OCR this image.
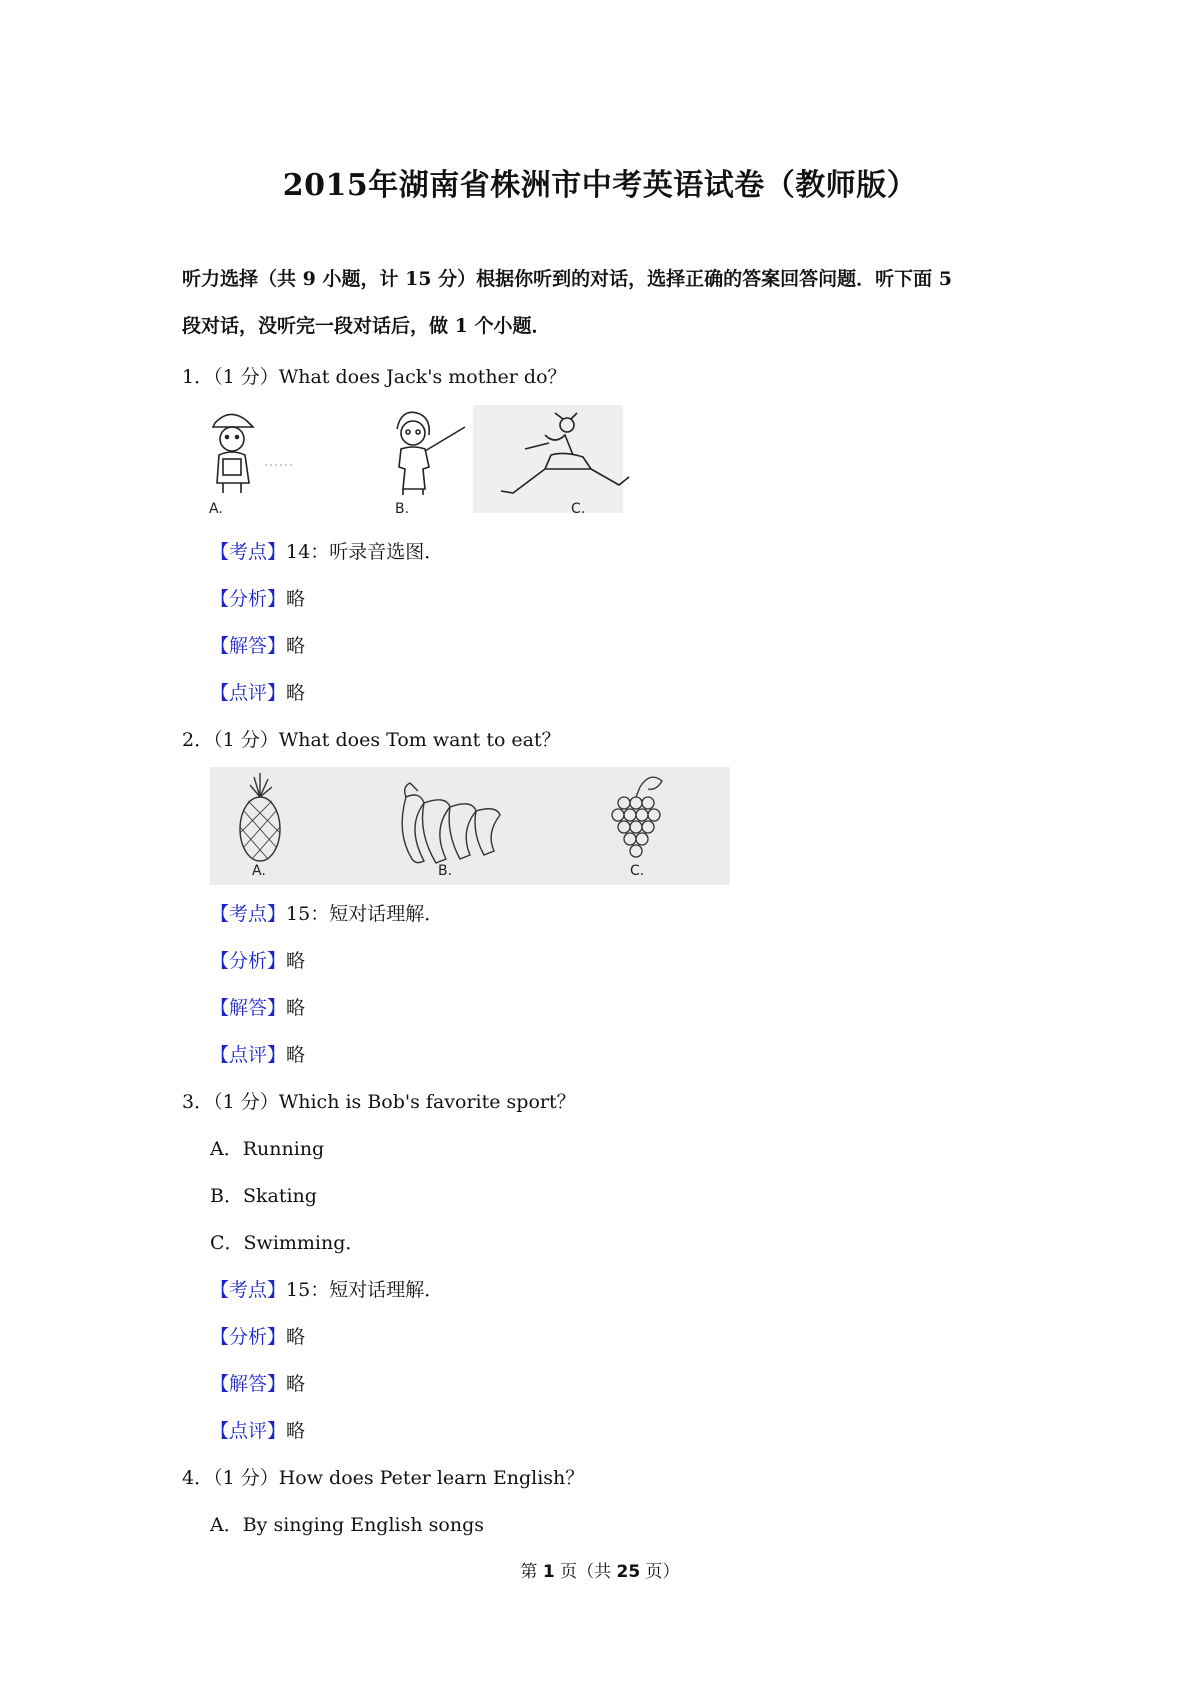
2015年湖南省株洲市中考英语试卷（教师版）
听力选择（共 9 小题，计 15 分）根据你听到的对话，选择正确的答案回答问题．听下面 5
段对话，没听完一段对话后，做 1 个小题．
1．（1 分）What does Jack's mother do？
A.	B.	C.
【考点】14：听录音选图．
【分析】略
【解答】略
【点评】略
2．（1 分）What does Tom want to eat？
A.	B.	C.
【考点】15：短对话理解．
【分析】略
【解答】略
【点评】略
3．（1 分）Which is Bob's favorite sport？
A．Running
B．Skating
C．Swimming．
【考点】15：短对话理解．
【分析】略
【解答】略
【点评】略
4．（1 分）How does Peter learn English？
A．By singing English songs
第 1 页（共 25 页）
